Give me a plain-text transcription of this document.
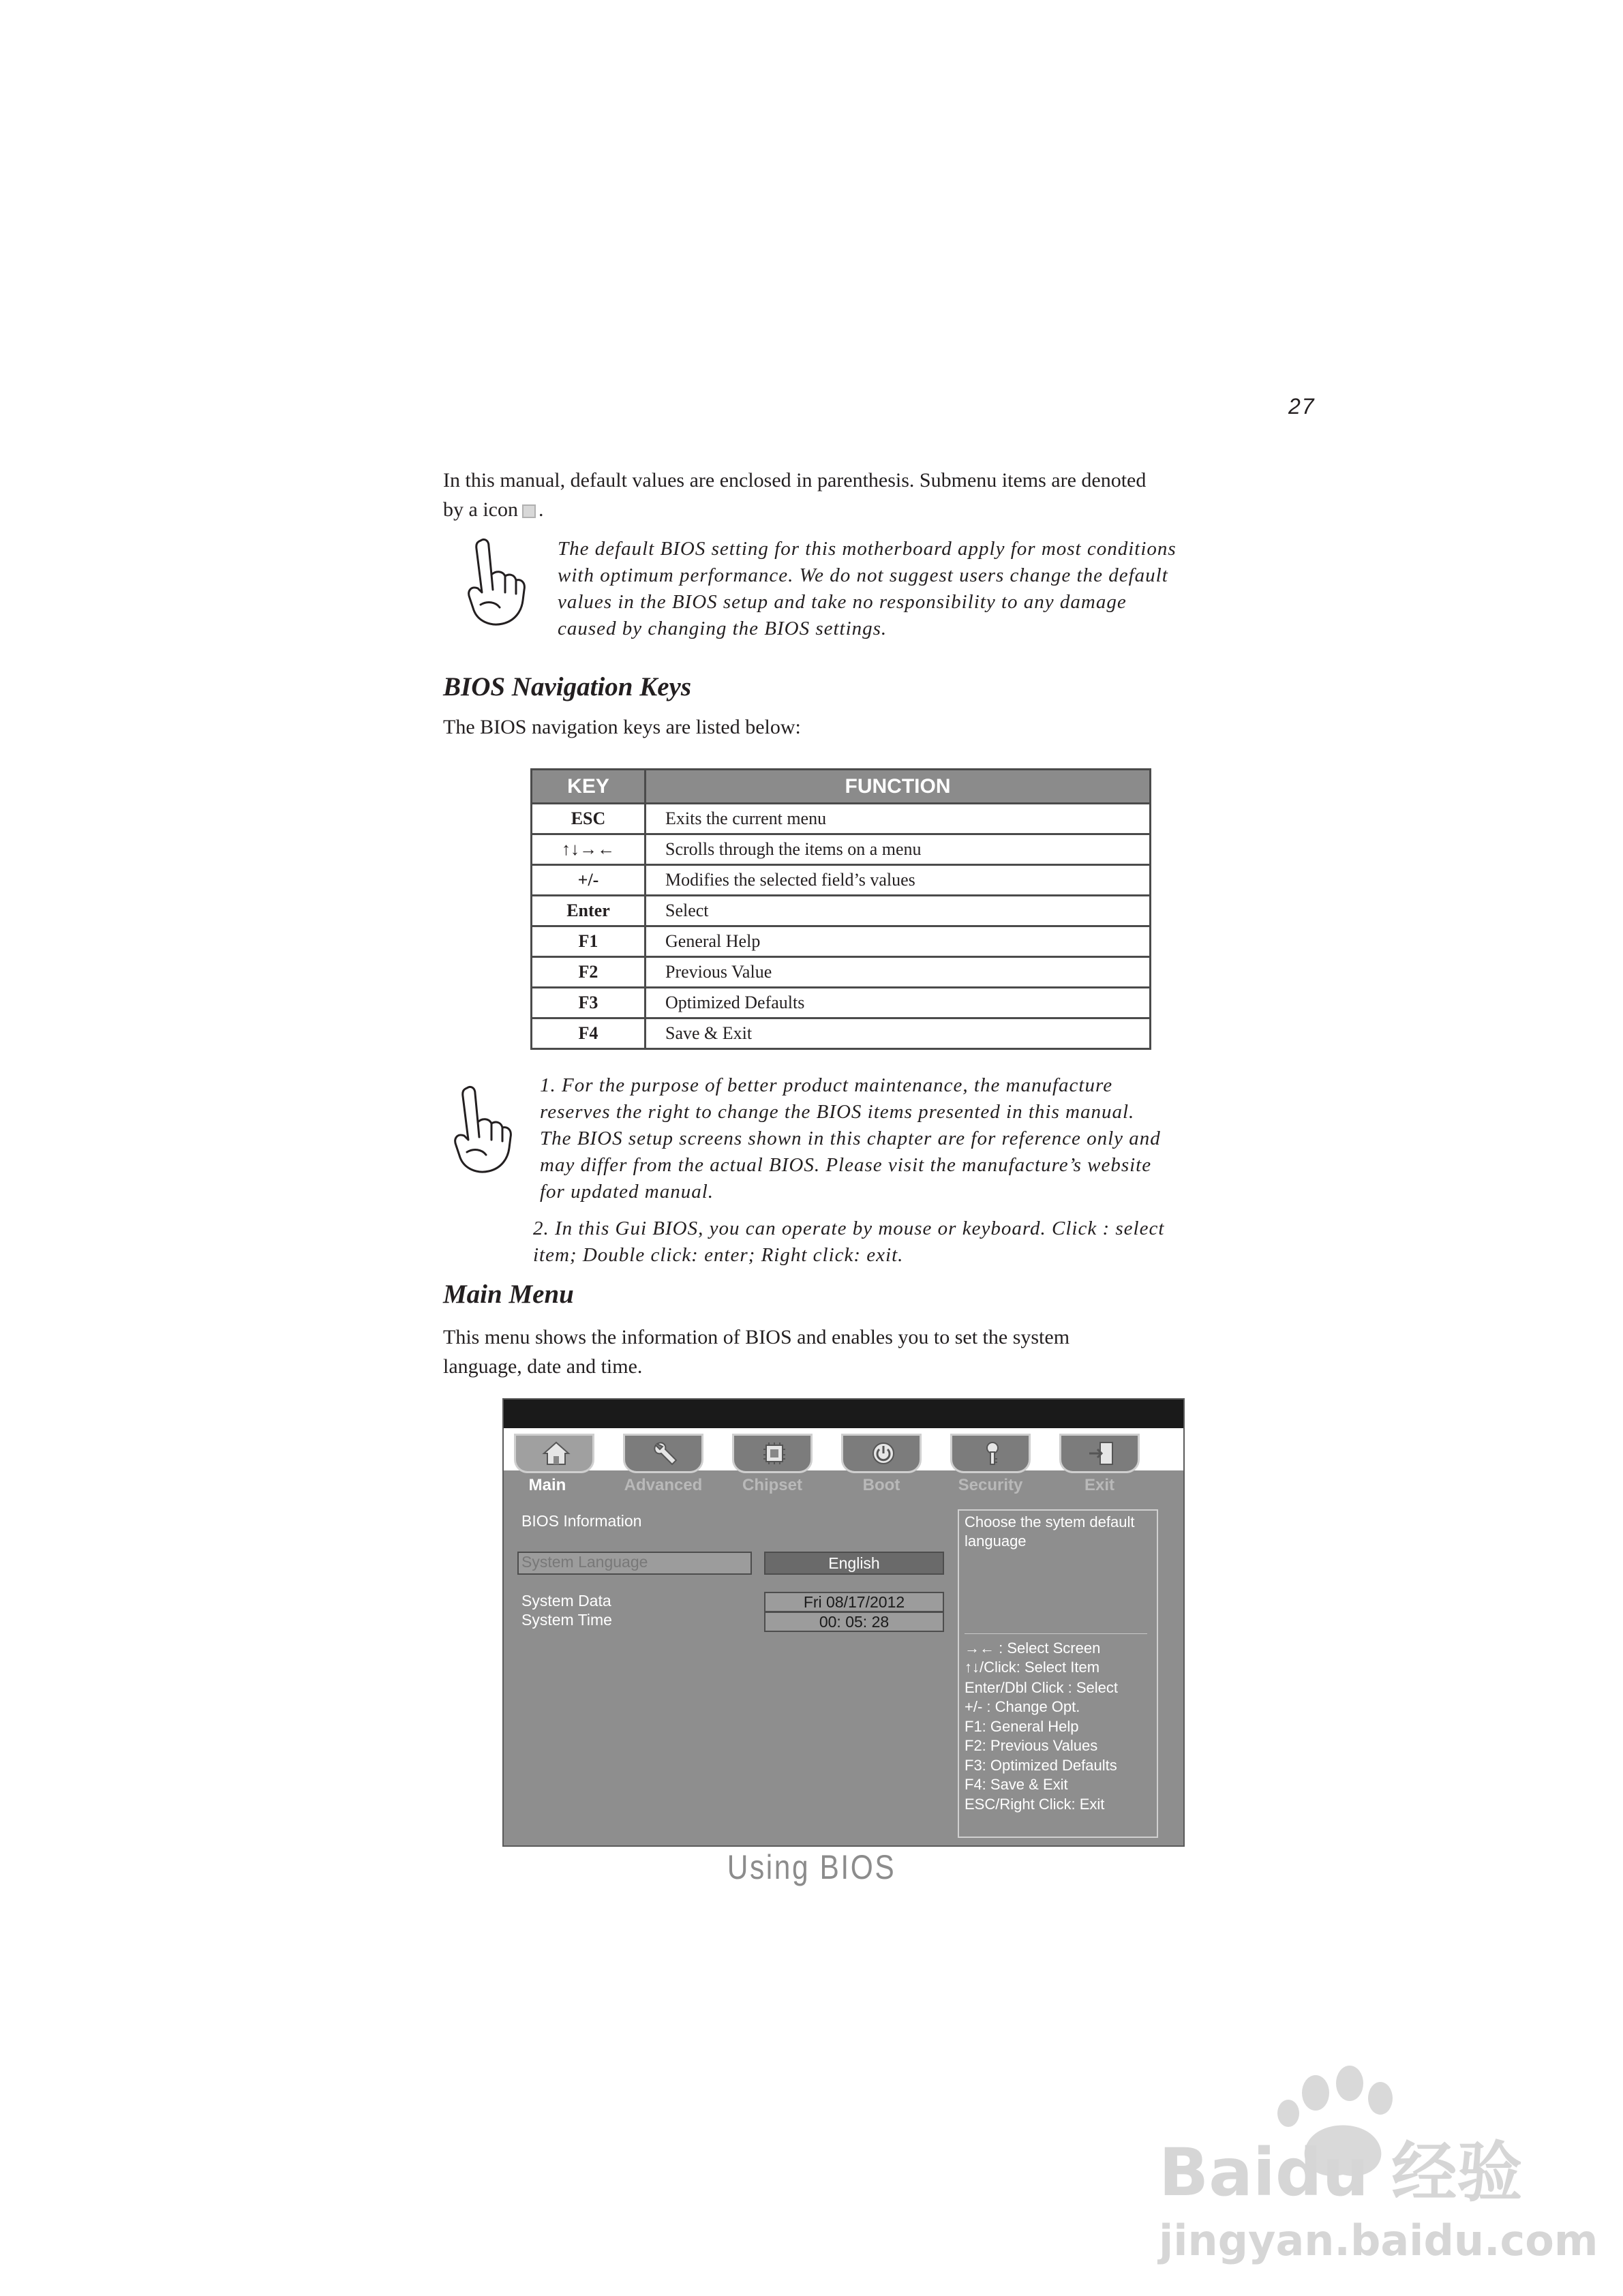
27
In this manual, default values are enclosed in parenthesis. Submenu items are denoted
by a icon .
The default BIOS setting for this motherboard apply for most conditions
with optimum performance. We do not suggest users change the default
values in the BIOS setup and take no responsibility to any damage
caused by changing the BIOS settings.
BIOS Navigation Keys
The BIOS navigation keys are listed below:
KEY	FUNCTION
ESC	Exits the current menu
↑↓→←	Scrolls through the items on a menu
+/-	Modifies the selected field’s values
Enter	Select
F1	General Help
F2	Previous Value
F3	Optimized Defaults
F4	Save & Exit
1. For the purpose of better product maintenance, the manufacture
reserves the right to change the BIOS items presented in this manual.
The BIOS setup screens shown in this chapter are for reference only and
may differ from the actual BIOS. Please visit the manufacture’s website
for updated manual.
2. In this Gui BIOS, you can operate by mouse or keyboard. Click : select
item; Double click: enter; Right click: exit.
Main Menu
This menu shows the information of BIOS and enables you to set the system
language, date and time.
Main	Advanced	Chipset	Boot	Security	Exit
BIOS Information
System Language	English
System Data	Fri 08/17/2012
System Time	00: 05: 28
Choose the sytem default
language
→← : Select Screen
↑↓/Click: Select Item
Enter/Dbl Click : Select
+/- : Change Opt.
F1: General Help
F2: Previous Values
F3: Optimized Defaults
F4: Save & Exit
ESC/Right Click: Exit
Using BIOS
Baidu 经验
jingyan.baidu.com
